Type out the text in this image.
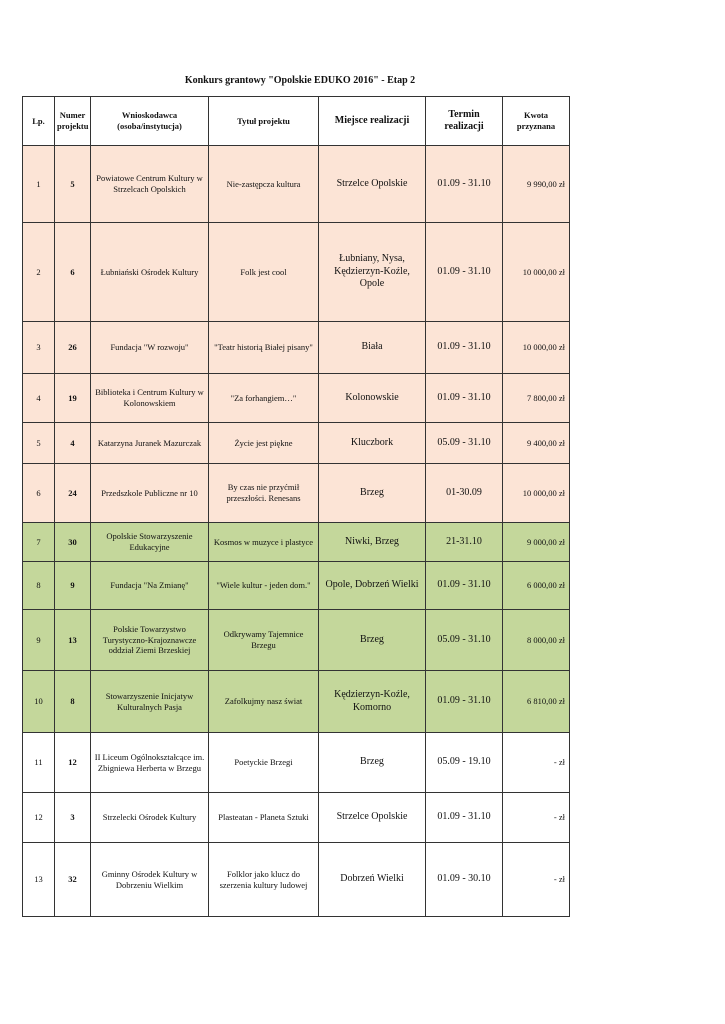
Konkurs grantowy "Opolskie EDUKO 2016" - Etap 2
Lp.	Numer projektu	Wnioskodawca (osoba/instytucja)	Tytuł projektu	Miejsce realizacji	Termin realizacji	Kwota przyznana
1	5	Powiatowe Centrum Kultury w Strzelcach Opolskich	Nie-zastępcza kultura	Strzelce Opolskie	01.09 - 31.10	9 990,00 zł
2	6	Łubniański Ośrodek Kultury	Folk jest cool	Łubniany, Nysa, Kędzierzyn-Koźle, Opole	01.09 - 31.10	10 000,00 zł
3	26	Fundacja "W rozwoju"	"Teatr historią Białej pisany"	Biała	01.09 - 31.10	10 000,00 zł
4	19	Biblioteka i Centrum Kultury w Kolonowskiem	"Za forhangiem…"	Kolonowskie	01.09 - 31.10	7 800,00 zł
5	4	Katarzyna Juranek Mazurczak	Życie jest piękne	Kluczbork	05.09 - 31.10	9 400,00 zł
6	24	Przedszkole Publiczne nr 10	By czas nie przyćmił przeszłości. Renesans	Brzeg	01-30.09	10 000,00 zł
7	30	Opolskie Stowarzyszenie Edukacyjne	Kosmos w muzyce i plastyce	Niwki, Brzeg	21-31.10	9 000,00 zł
8	9	Fundacja "Na Zmianę"	"Wiele kultur - jeden dom."	Opole, Dobrzeń Wielki	01.09 - 31.10	6 000,00 zł
9	13	Polskie Towarzystwo Turystyczno-Krajoznawcze oddział Ziemi Brzeskiej	Odkrywamy Tajemnice Brzegu	Brzeg	05.09 - 31.10	8 000,00 zł
10	8	Stowarzyszenie Inicjatyw Kulturalnych Pasja	Zafolkujmy nasz świat	Kędzierzyn-Koźle, Komorno	01.09 - 31.10	6 810,00 zł
11	12	II Liceum Ogólnokształcące im. Zbigniewa Herberta w Brzegu	Poetyckie Brzegi	Brzeg	05.09 - 19.10	- zł
12	3	Strzelecki Ośrodek Kultury	Plasteatan - Planeta Sztuki	Strzelce Opolskie	01.09 - 31.10	- zł
13	32	Gminny Ośrodek Kultury w Dobrzeniu Wielkim	Folklor jako klucz do szerzenia kultury ludowej	Dobrzeń Wielki	01.09 - 30.10	- zł
